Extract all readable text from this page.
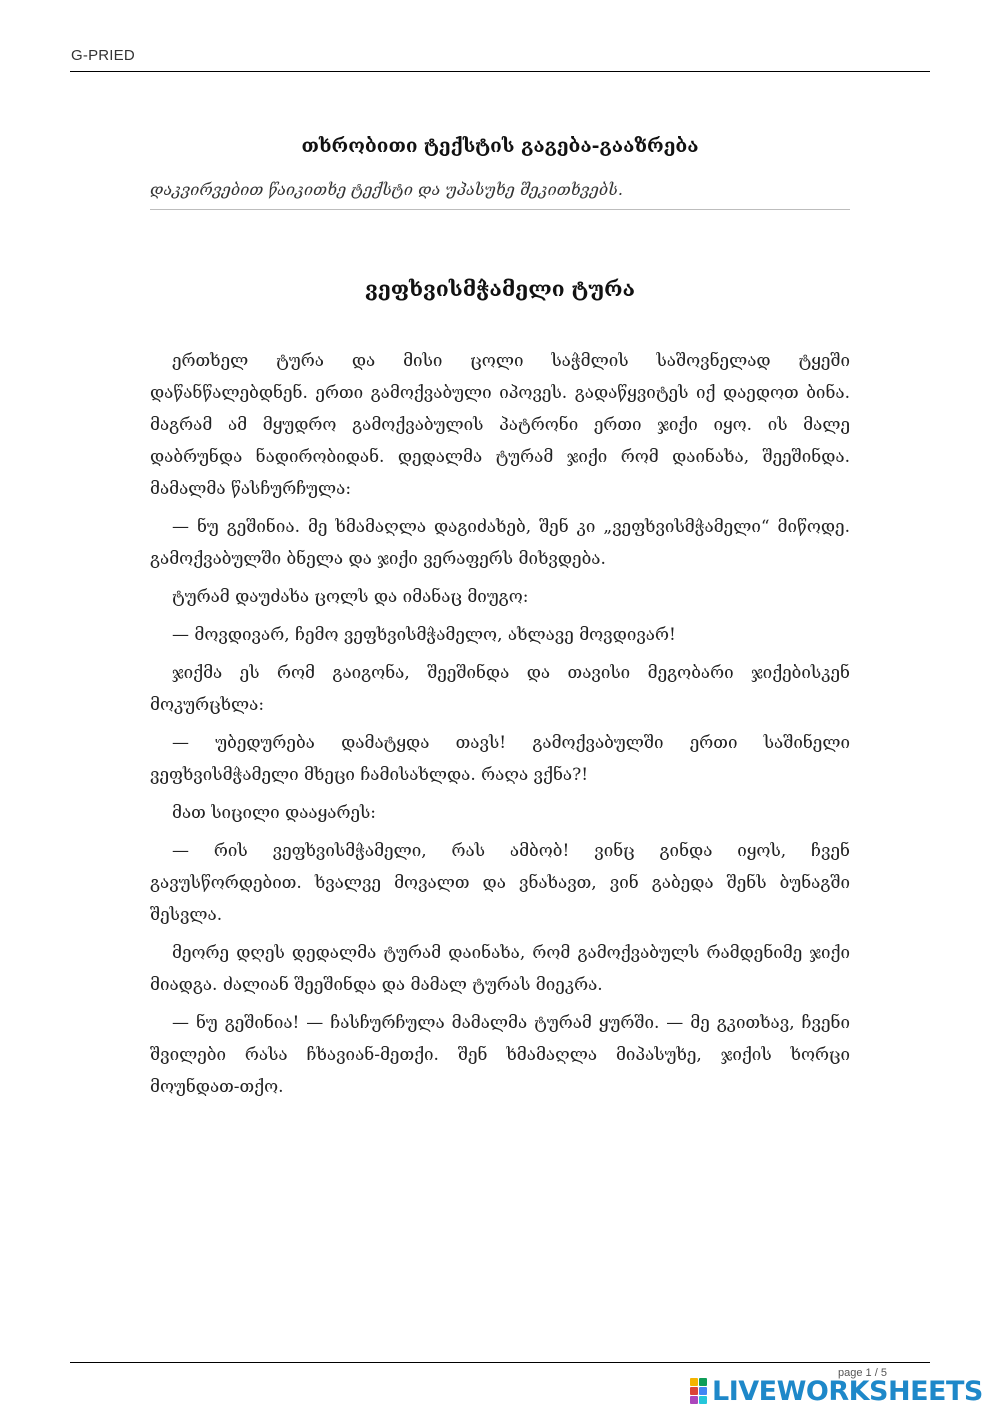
G-PRIED
თხრობითი ტექსტის გაგება-გააზრება
დაკვირვებით წაიკითხე ტექსტი და უპასუხე შეკითხვებს.
ვეფხვისმჭამელი ტურა

ერთხელ ტურა და მისი ცოლი საჭმლის საშოვნელად ტყეში დაწანწალებდნენ. ერთი გამოქვაბული იპოვეს. გადაწყვიტეს იქ დაედოთ ბინა. მაგრამ ამ მყუდრო გამოქვაბულის პატრონი ერთი ჯიქი იყო. ის მალე დაბრუნდა ნადირობიდან. დედალმა ტურამ ჯიქი რომ დაინახა, შეეშინდა. მამალმა წასჩურჩულა:

— ნუ გეშინია. მე ხმამაღლა დაგიძახებ, შენ კი „ვეფხვისმჭამელი“ მიწოდე. გამოქვაბულში ბნელა და ჯიქი ვერაფერს მიხვდება.

ტურამ დაუძახა ცოლს და იმანაც მიუგო:

— მოვდივარ, ჩემო ვეფხვისმჭამელო, ახლავე მოვდივარ!

ჯიქმა ეს რომ გაიგონა, შეეშინდა და თავისი მეგობარი ჯიქებისკენ მოკურცხლა:

— უბედურება დამატყდა თავს! გამოქვაბულში ერთი საშინელი ვეფხვისმჭამელი მხეცი ჩამისახლდა. რაღა ვქნა?!

მათ სიცილი დააყარეს:

— რის ვეფხვისმჭამელი, რას ამბობ! ვინც გინდა იყოს, ჩვენ გავუსწორდებით. ხვალვე მოვალთ და ვნახავთ, ვინ გაბედა შენს ბუნაგში შესვლა.

მეორე დღეს დედალმა ტურამ დაინახა, რომ გამოქვაბულს რამდენიმე ჯიქი მიადგა. ძალიან შეეშინდა და მამალ ტურას მიეკრა.

— ნუ გეშინია! — ჩასჩურჩულა მამალმა ტურამ ყურში. — მე გკითხავ, ჩვენი შვილები რასა ჩხავიან-მეთქი. შენ ხმამაღლა მიპასუხე, ჯიქის ხორცი მოუნდათ-თქო.

page 1 / 5
LIVEWORKSHEETS
